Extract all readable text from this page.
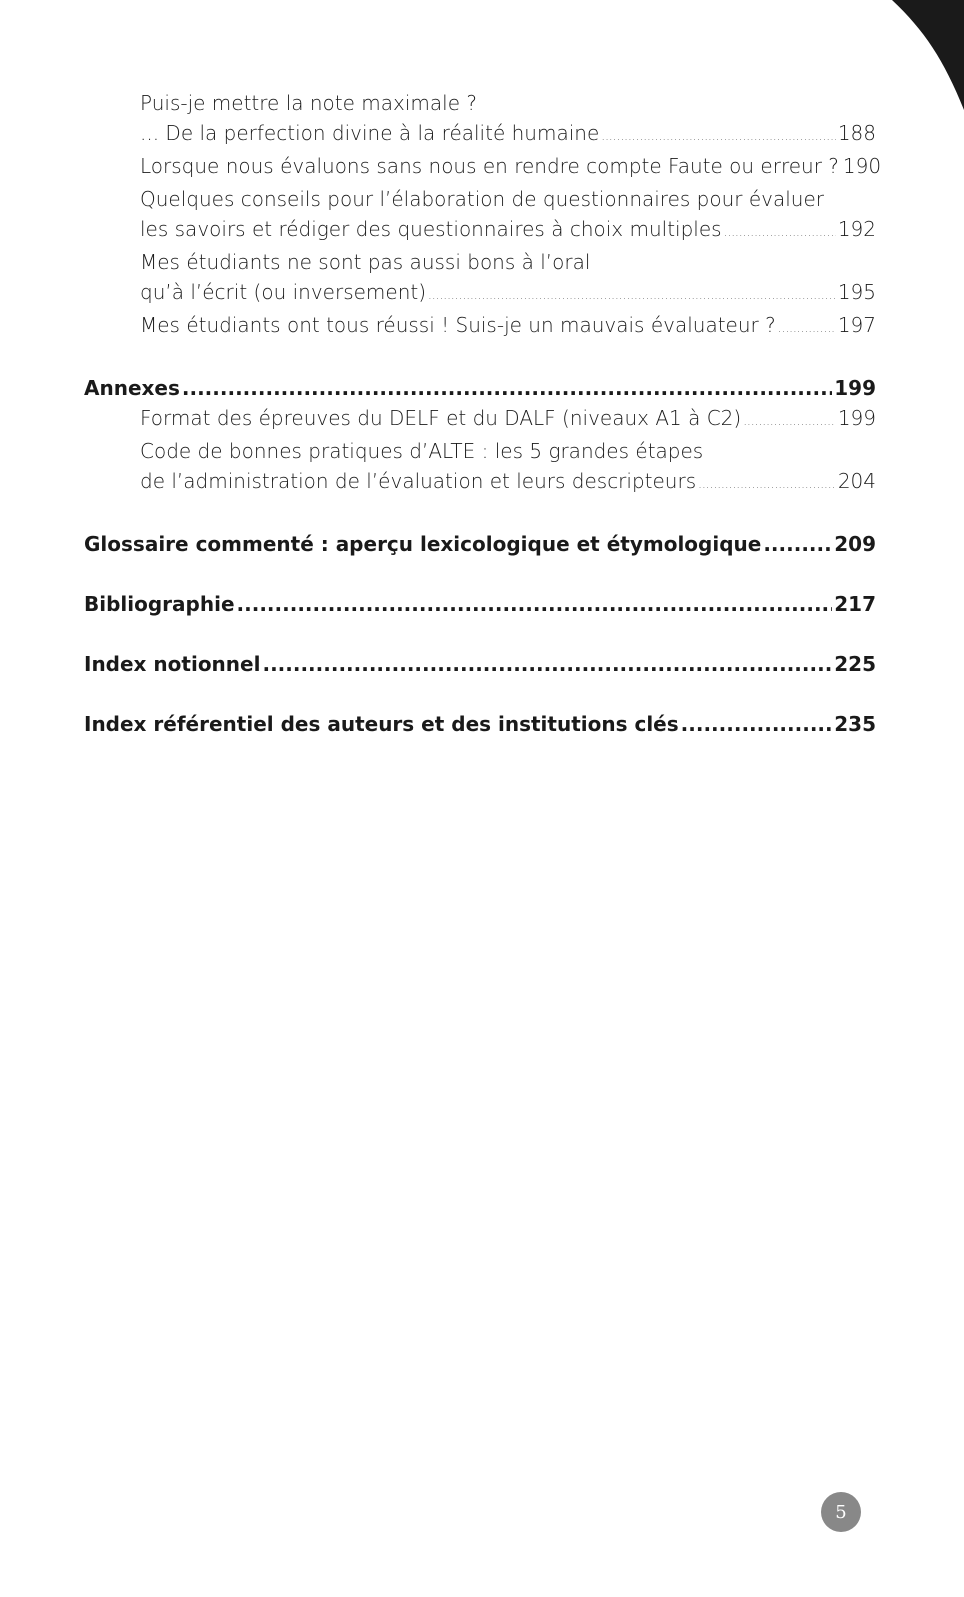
Puis-je mettre la note maximale ?
... De la perfection divine à la réalité humaine .....	188
Lorsque nous évaluons sans nous en rendre compte Faute ou erreur ? 190
Quelques conseils pour l’élaboration de questionnaires pour évaluer
les savoirs et rédiger des questionnaires à choix multiples .....	192
Mes étudiants ne sont pas aussi bons à l’oral
qu’à l’écrit (ou inversement) .....	195
Mes étudiants ont tous réussi ! Suis-je un mauvais évaluateur ? .....	197
Annexes .....	199
Format des épreuves du DELF et du DALF (niveaux A1 à C2) .....	199
Code de bonnes pratiques d’ALTE : les 5 grandes étapes
de l’administration de l’évaluation et leurs descripteurs .....	204
Glossaire commenté : aperçu lexicologique et étymologique .....	209
Bibliographie .....	217
Index notionnel .....	225
Index référentiel des auteurs et des institutions clés .....	235
5
